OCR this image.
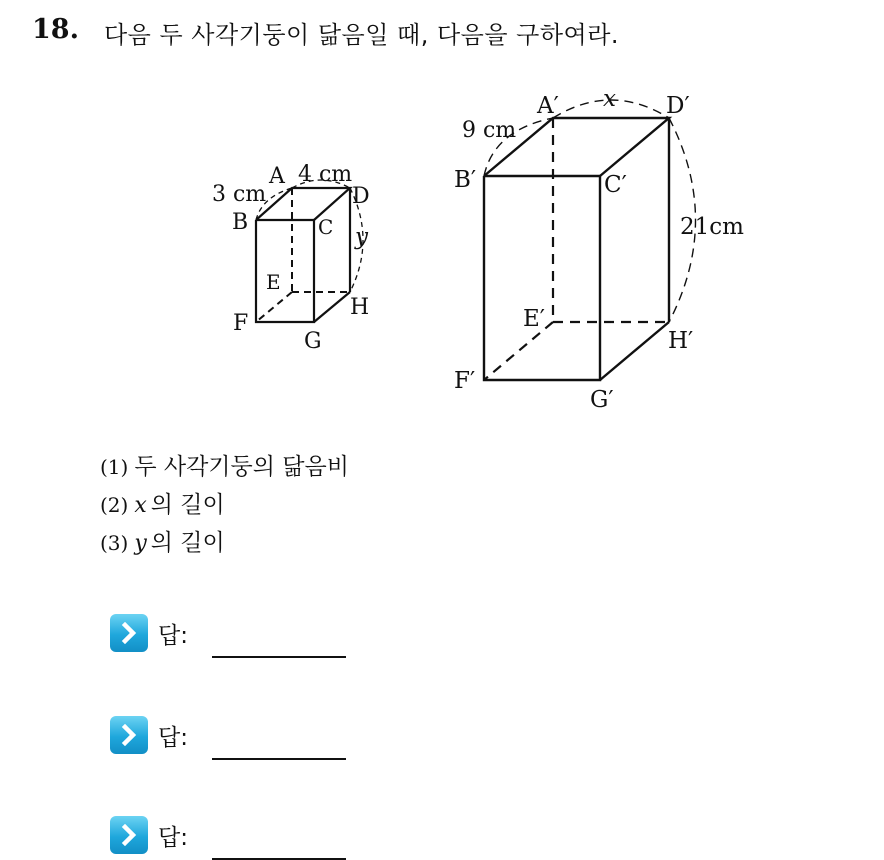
18. 다음 두 사각기둥이 닮음일 때, 다음을 구하여라.
A 4 cm
3 cm	D
B	C y
E
H
F
G
A′ x D′
9 cm
B′	C′
21cm
E′
H′
F′
G′
(1) 두 사각기둥의 닮음비
(2) x 의 길이
(3) y 의 길이
답:
답:
답:
